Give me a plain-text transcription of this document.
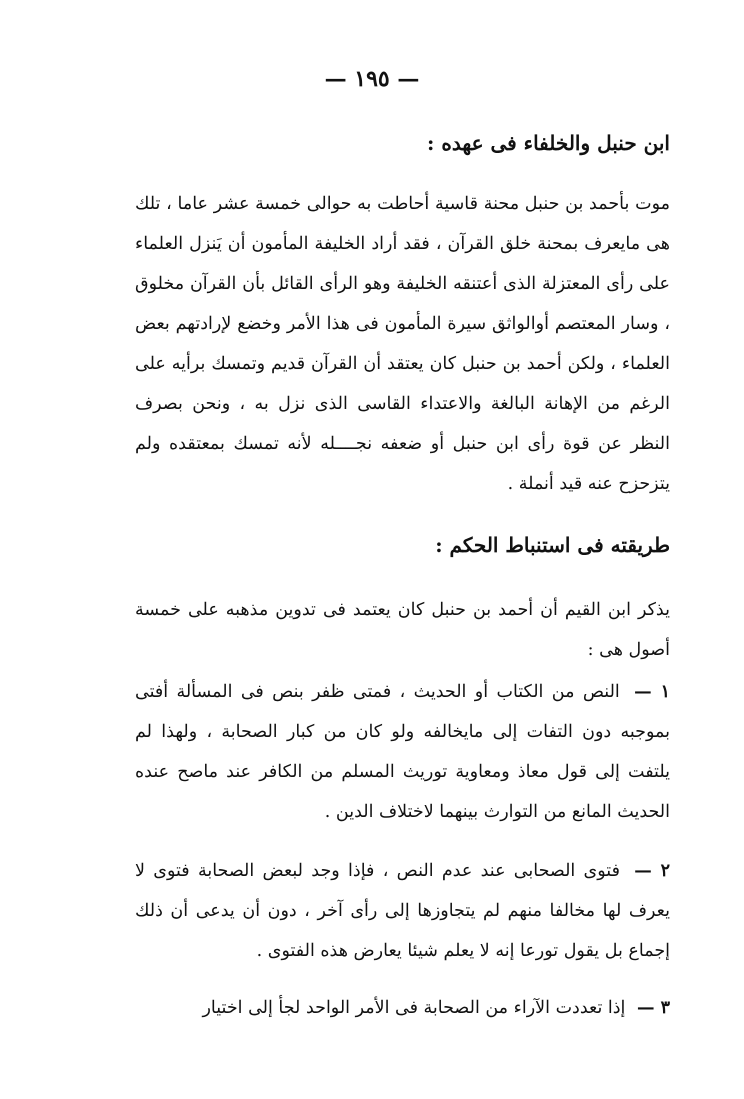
— ١٩٥ —
ابن حنبل والخلفاء فى عهده :
موت بأحمد بن حنبل محنة قاسية أحاطت به حوالى خمسة عشر عاما ، تلك هى مايعرف بمحنة خلق القرآن ، فقد أراد الخليفة المأمون أن يَنزل العلماء على رأى المعتزلة الذى أعتنقه الخليفة وهو الرأى القائل بأن القرآن مخلوق ، وسار المعتصم أوالواثق سيرة المأمون فى هذا الأمر وخضع لإرادتهم بعض العلماء ، ولكن أحمد بن حنبل كان يعتقد أن القرآن قديم وتمسك برأيه على الرغم من الإهانة البالغة والاعتداء القاسى الذى نزل به ، ونحن بصرف النظر عن قوة رأى ابن حنبل أو ضعفه نجــــله لأنه تمسك بمعتقده ولم يتزحزح عنه قيد أنملة .
طريقته فى استنباط الحكم :
يذكر ابن القيم أن أحمد بن حنبل كان يعتمد فى تدوين مذهبه على خمسة أصول هى :
١ — النص من الكتاب أو الحديث ، فمتى ظفر بنص فى المسألة أفتى بموجبه دون التفات إلى مايخالفه ولو كان من كبار الصحابة ، ولهذا لم يلتفت إلى قول معاذ ومعاوية توريث المسلم من الكافر عند ماصح عنده الحديث المانع من التوارث بينهما لاختلاف الدين .
٢ — فتوى الصحابى عند عدم النص ، فإذا وجد لبعض الصحابة فتوى لا يعرف لها مخالفا منهم لم يتجاوزها إلى رأى آخر ، دون أن يدعى أن ذلك إجماع بل يقول تورعا إنه لا يعلم شيئا يعارض هذه الفتوى .
٣ — إذا تعددت الآراء من الصحابة فى الأمر الواحد لجأ إلى اختيار
